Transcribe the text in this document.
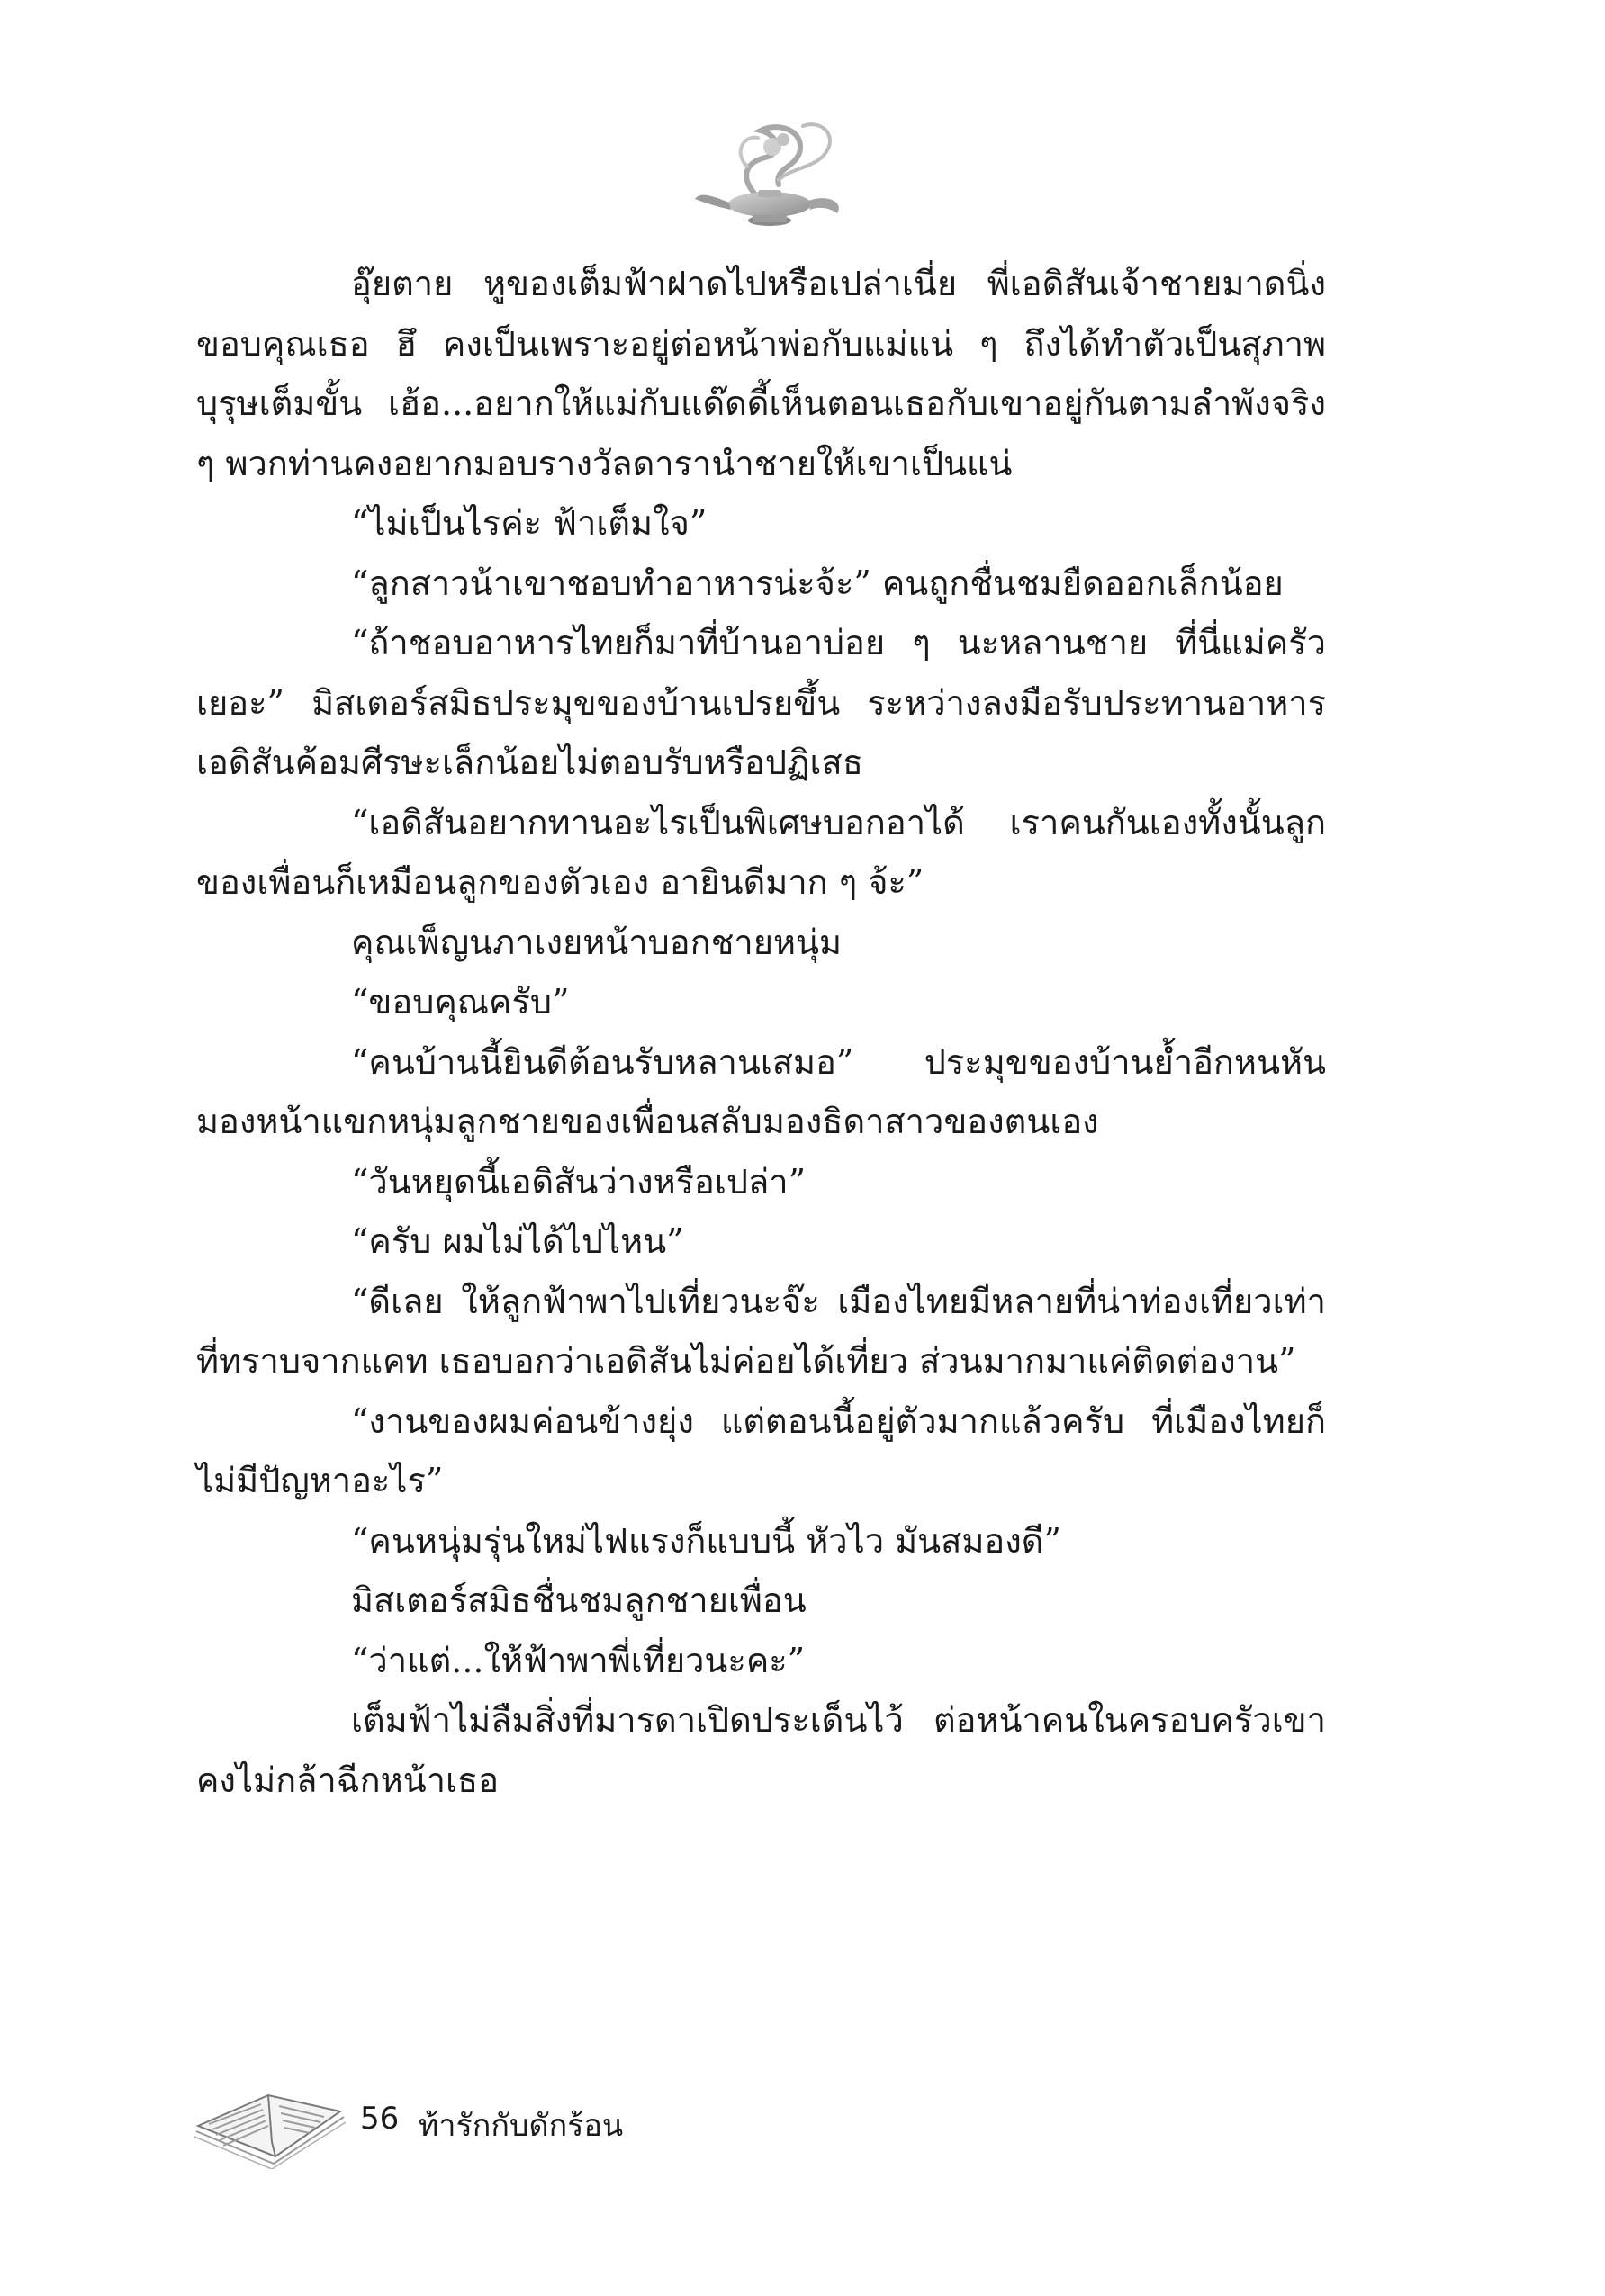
อุ๊ยตาย หูของเต็มฟ้าฝาดไปหรือเปล่าเนี่ย พี่เอดิสันเจ้าชายมาดนิ่งขอบคุณเธอ ฮึ คงเป็นเพราะอยู่ต่อหน้าพ่อกับแม่แน่ ๆ ถึงได้ทำตัวเป็นสุภาพบุรุษเต็มขั้น เฮ้อ...อยากให้แม่กับแด๊ดดี้เห็นตอนเธอกับเขาอยู่กันตามลำพังจริง ๆ พวกท่านคงอยากมอบรางวัลดารานำชายให้เขาเป็นแน่

“ไม่เป็นไรค่ะ ฟ้าเต็มใจ”

“ลูกสาวน้าเขาชอบทำอาหารน่ะจ้ะ” คนถูกชื่นชมยืดออกเล็กน้อย

“ถ้าชอบอาหารไทยก็มาที่บ้านอาบ่อย ๆ นะหลานชาย ที่นี่แม่ครัวเยอะ” มิสเตอร์สมิธประมุขของบ้านเปรยขึ้น ระหว่างลงมือรับประทานอาหาร เอดิสันค้อมศีรษะเล็กน้อยไม่ตอบรับหรือปฏิเสธ

“เอดิสันอยากทานอะไรเป็นพิเศษบอกอาได้ เราคนกันเองทั้งนั้นลูกของเพื่อนก็เหมือนลูกของตัวเอง อายินดีมาก ๆ จ้ะ”

คุณเพ็ญนภาเงยหน้าบอกชายหนุ่ม

“ขอบคุณครับ”

“คนบ้านนี้ยินดีต้อนรับหลานเสมอ” ประมุขของบ้านย้ำอีกหนหันมองหน้าแขกหนุ่มลูกชายของเพื่อนสลับมองธิดาสาวของตนเอง

“วันหยุดนี้เอดิสันว่างหรือเปล่า”

“ครับ ผมไม่ได้ไปไหน”

“ดีเลย ให้ลูกฟ้าพาไปเที่ยวนะจ๊ะ เมืองไทยมีหลายที่น่าท่องเที่ยวเท่าที่ทราบจากแคท เธอบอกว่าเอดิสันไม่ค่อยได้เที่ยว ส่วนมากมาแค่ติดต่องาน”

“งานของผมค่อนข้างยุ่ง แต่ตอนนี้อยู่ตัวมากแล้วครับ ที่เมืองไทยก็ไม่มีปัญหาอะไร”

“คนหนุ่มรุ่นใหม่ไฟแรงก็แบบนี้ หัวไว มันสมองดี”

มิสเตอร์สมิธชื่นชมลูกชายเพื่อน

“ว่าแต่...ให้ฟ้าพาพี่เที่ยวนะคะ”

เต็มฟ้าไม่ลืมสิ่งที่มารดาเปิดประเด็นไว้ ต่อหน้าคนในครอบครัวเขาคงไม่กล้าฉีกหน้าเธอ

56 ท้ารักกับดักร้อน
